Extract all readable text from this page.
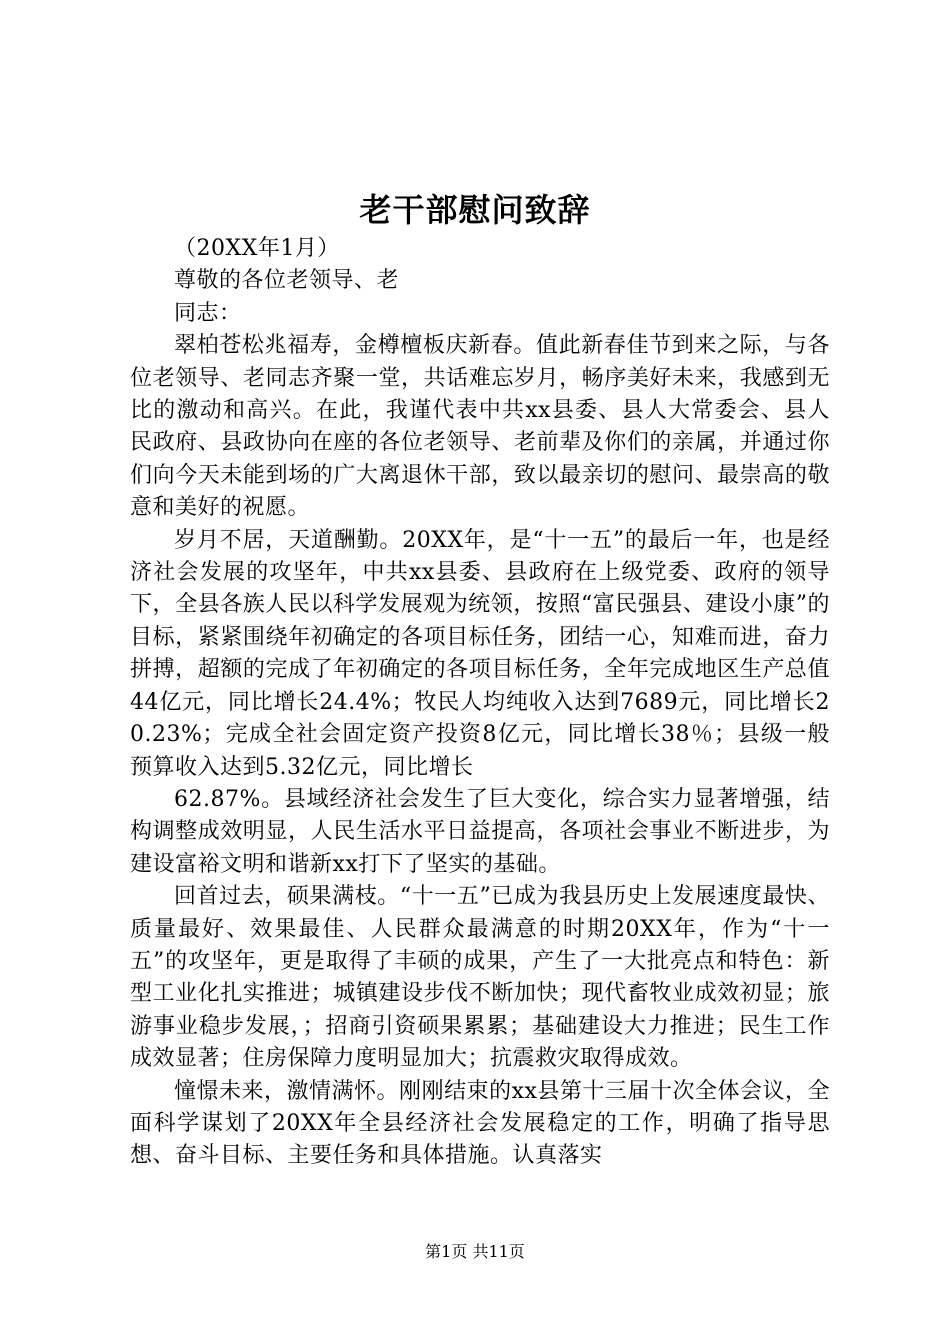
老干部慰问致辞

（20XX年1月）

尊敬的各位老领导、老

同志：

翠柏苍松兆福寿，金樽檀板庆新春。值此新春佳节到来之际，与各位老领导、老同志齐聚一堂，共话难忘岁月，畅序美好未来，我感到无比的激动和高兴。在此，我谨代表中共xx县委、县人大常委会、县人民政府、县政协向在座的各位老领导、老前辈及你们的亲属，并通过你们向今天未能到场的广大离退休干部，致以最亲切的慰问、最崇高的敬意和美好的祝愿。

岁月不居，天道酬勤。20XX年，是“十一五”的最后一年，也是经济社会发展的攻坚年，中共xx县委、县政府在上级党委、政府的领导下，全县各族人民以科学发展观为统领，按照“富民强县、建设小康”的目标，紧紧围绕年初确定的各项目标任务，团结一心，知难而进，奋力拼搏，超额的完成了年初确定的各项目标任务，全年完成地区生产总值44亿元，同比增长24.4%；牧民人均纯收入达到7689元，同比增长20.23%；完成全社会固定资产投资8亿元，同比增长38％；县级一般预算收入达到5.32亿元，同比增长

62.87%。县域经济社会发生了巨大变化，综合实力显著增强，结构调整成效明显，人民生活水平日益提高，各项社会事业不断进步，为建设富裕文明和谐新xx打下了坚实的基础。

回首过去，硕果满枝。“十一五”已成为我县历史上发展速度最快、质量最好、效果最佳、人民群众最满意的时期20XX年，作为“十一五”的攻坚年，更是取得了丰硕的成果，产生了一大批亮点和特色：新型工业化扎实推进；城镇建设步伐不断加快；现代畜牧业成效初显；旅游事业稳步发展，；招商引资硕果累累；基础建设大力推进；民生工作成效显著；住房保障力度明显加大；抗震救灾取得成效。

憧憬未来，激情满怀。刚刚结束的xx县第十三届十次全体会议，全面科学谋划了20XX年全县经济社会发展稳定的工作，明确了指导思想、奋斗目标、主要任务和具体措施。认真落实

第1页 共11页
